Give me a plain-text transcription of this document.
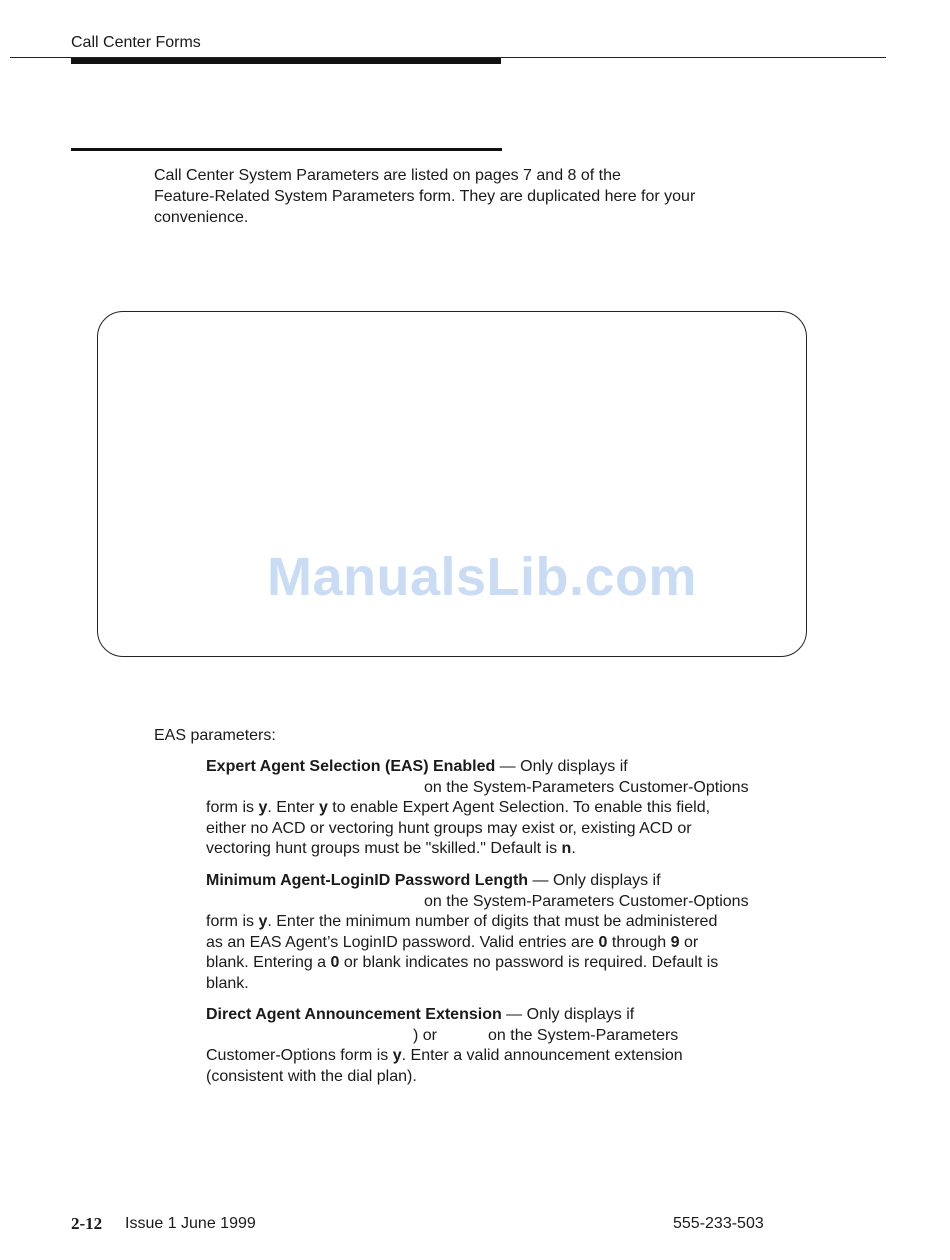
Call Center Forms
Call Center System Parameters are listed on pages 7 and 8 of the
Feature-Related System Parameters form. They are duplicated here for your
convenience.
ManualsLib.com
EAS parameters:
Expert Agent Selection (EAS) Enabled — Only displays if
on the System-Parameters Customer-Options
form is y. Enter y to enable Expert Agent Selection. To enable this field,
either no ACD or vectoring hunt groups may exist or, existing ACD or
vectoring hunt groups must be "skilled." Default is n.
Minimum Agent-LoginID Password Length — Only displays if
on the System-Parameters Customer-Options
form is y. Enter the minimum number of digits that must be administered
as an EAS Agent’s LoginID password. Valid entries are 0 through 9 or
blank. Entering a 0 or blank indicates no password is required. Default is
blank.
Direct Agent Announcement Extension — Only displays if
) or	on the System-Parameters
Customer-Options form is y. Enter a valid announcement extension
(consistent with the dial plan).
2-12 Issue 1 June 1999	555-233-503
